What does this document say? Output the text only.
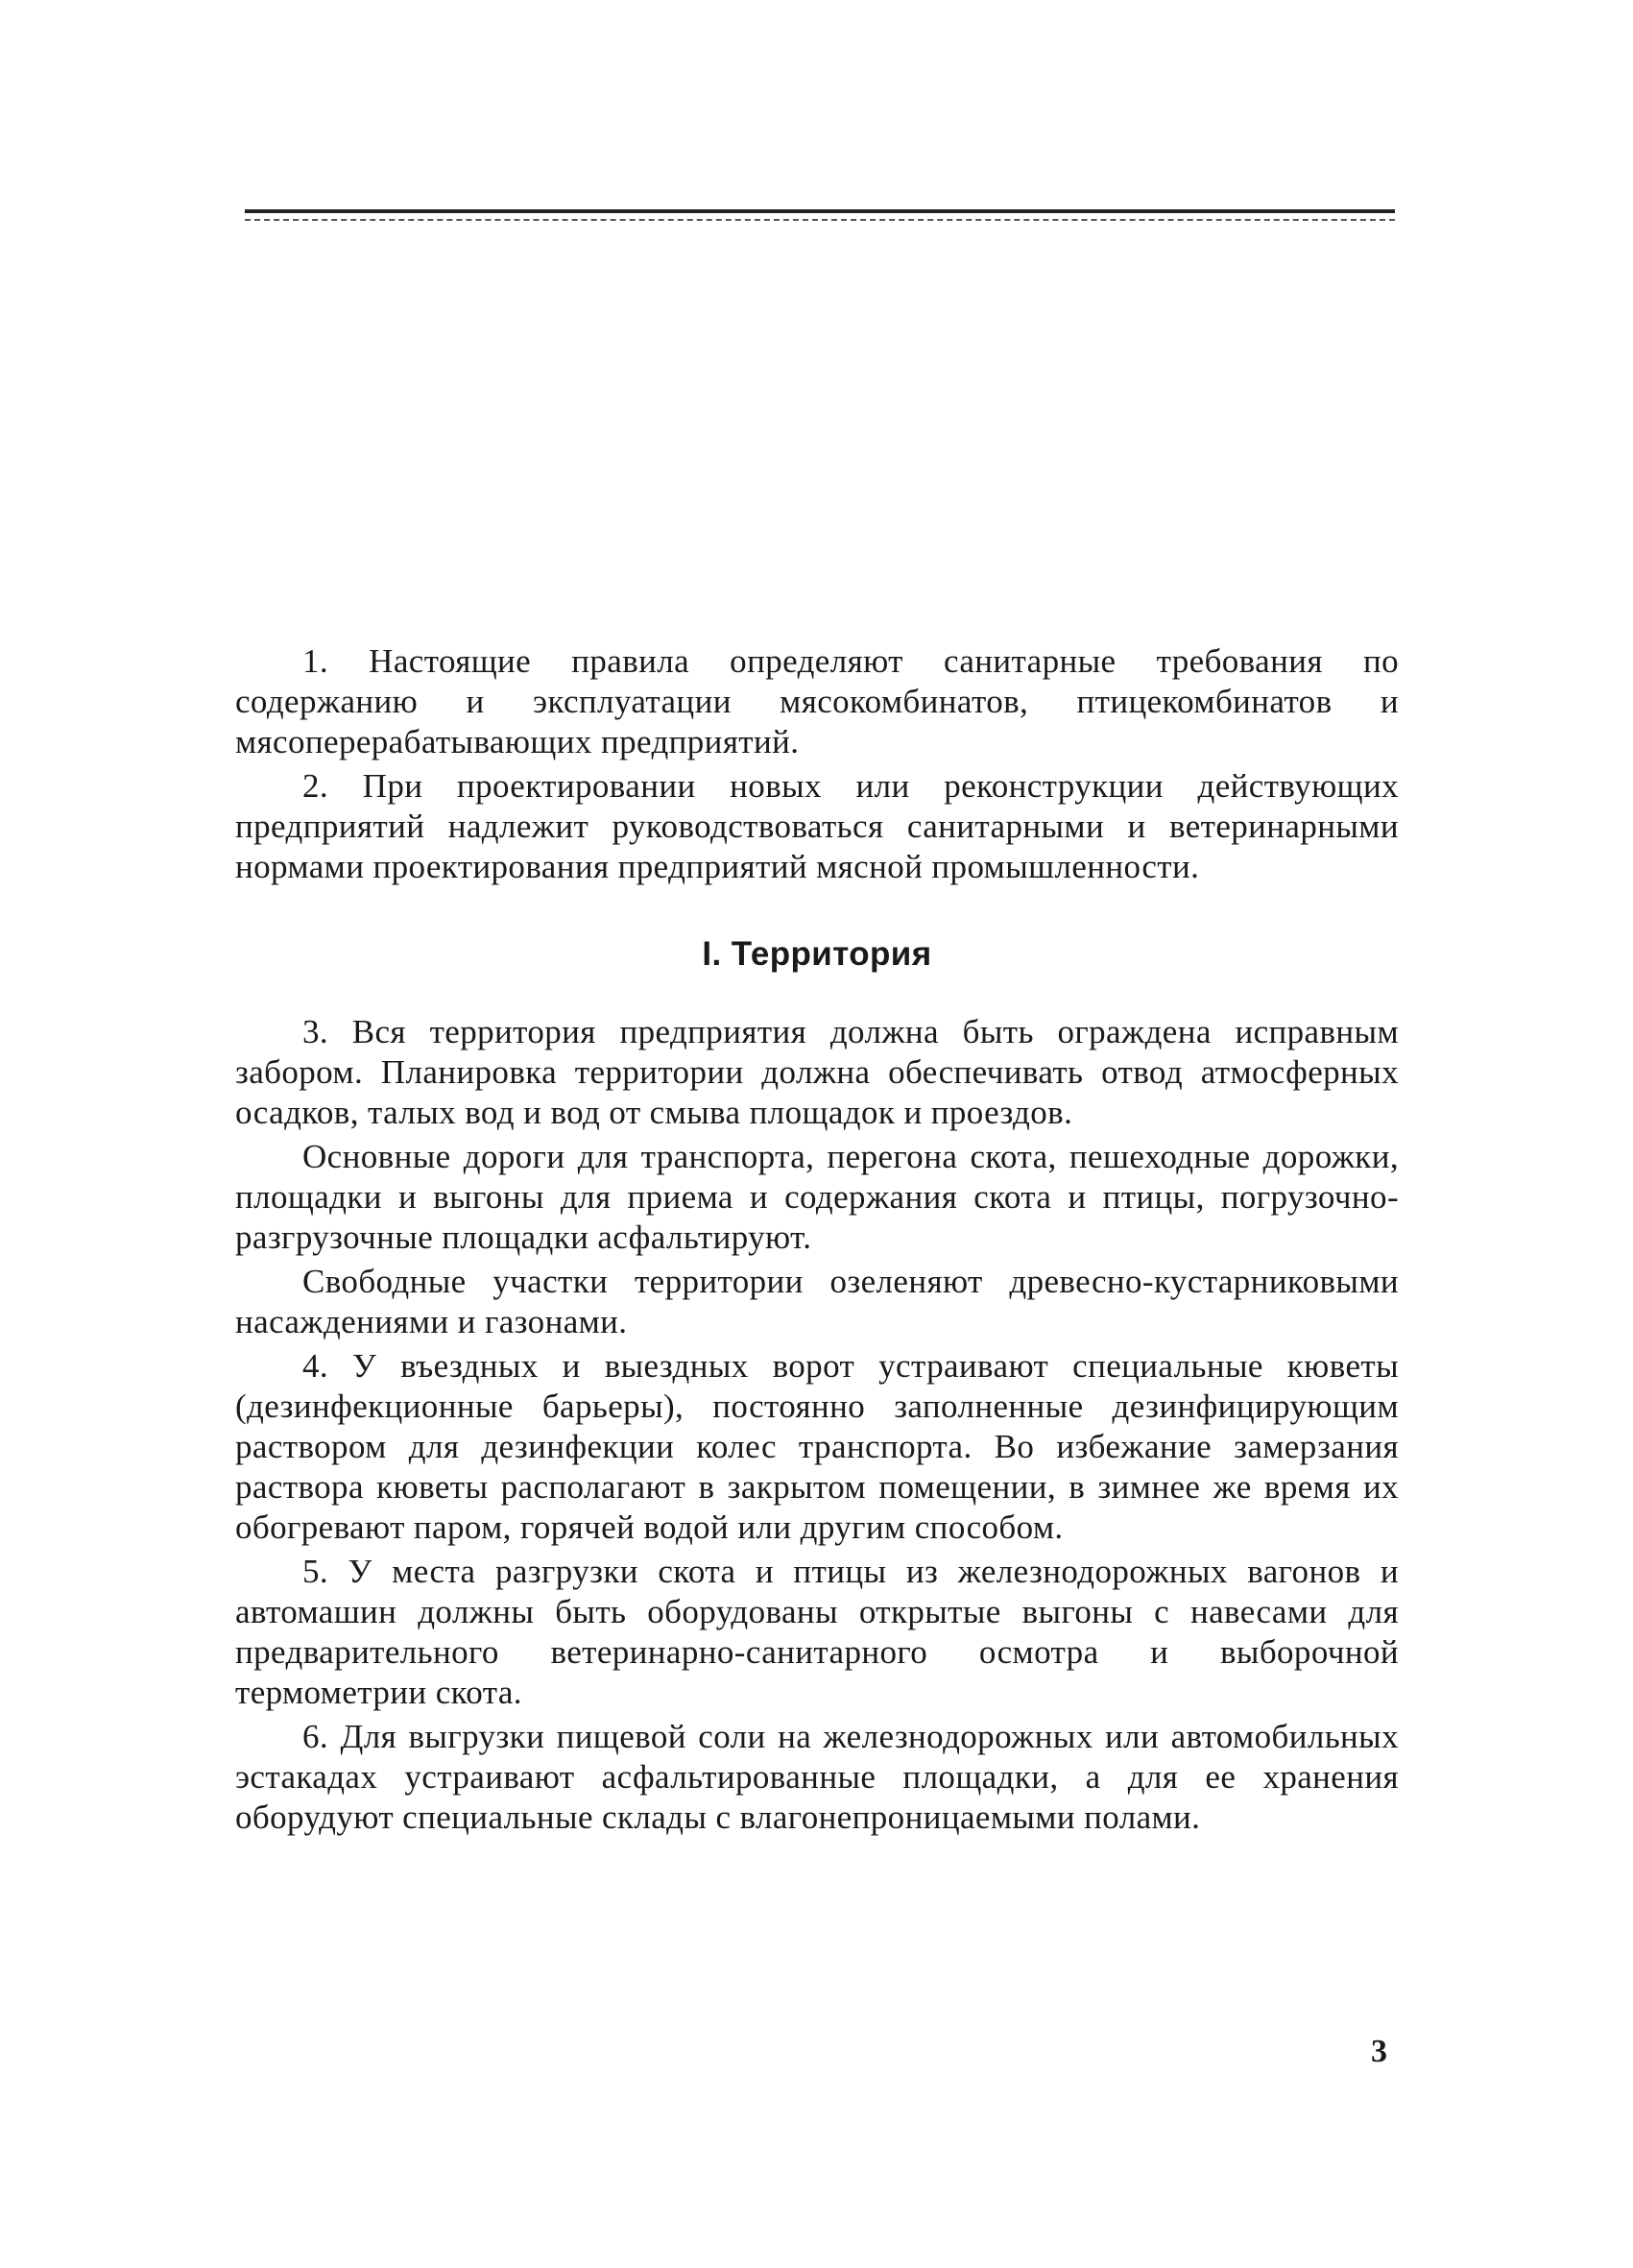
1. Настоящие правила определяют санитарные требования по содержанию и эксплуатации мясокомбинатов, птицекомбинатов и мясоперерабатывающих предприятий.

2. При проектировании новых или реконструкции действующих предприятий надлежит руководствоваться санитарными и ветеринарными нормами проектирования предприятий мясной промышленности.

I. Территория

3. Вся территория предприятия должна быть ограждена исправным забором. Планировка территории должна обеспечивать отвод атмосферных осадков, талых вод и вод от смыва площадок и проездов.

Основные дороги для транспорта, перегона скота, пешеходные дорожки, площадки и выгоны для приема и содержания скота и птицы, погрузочно-разгрузочные площадки асфальтируют.

Свободные участки территории озеленяют древесно-кустарниковыми насаждениями и газонами.

4. У въездных и выездных ворот устраивают специальные кюветы (дезинфекционные барьеры), постоянно заполненные дезинфицирующим раствором для дезинфекции колес транспорта. Во избежание замерзания раствора кюветы располагают в закрытом помещении, в зимнее же время их обогревают паром, горячей водой или другим способом.

5. У места разгрузки скота и птицы из железнодорожных вагонов и автомашин должны быть оборудованы открытые выгоны с навесами для предварительного ветеринарно-санитарного осмотра и выборочной термометрии скота.

6. Для выгрузки пищевой соли на железнодорожных или автомобильных эстакадах устраивают асфальтированные площадки, а для ее хранения оборудуют специальные склады с влагонепроницаемыми полами.

3
